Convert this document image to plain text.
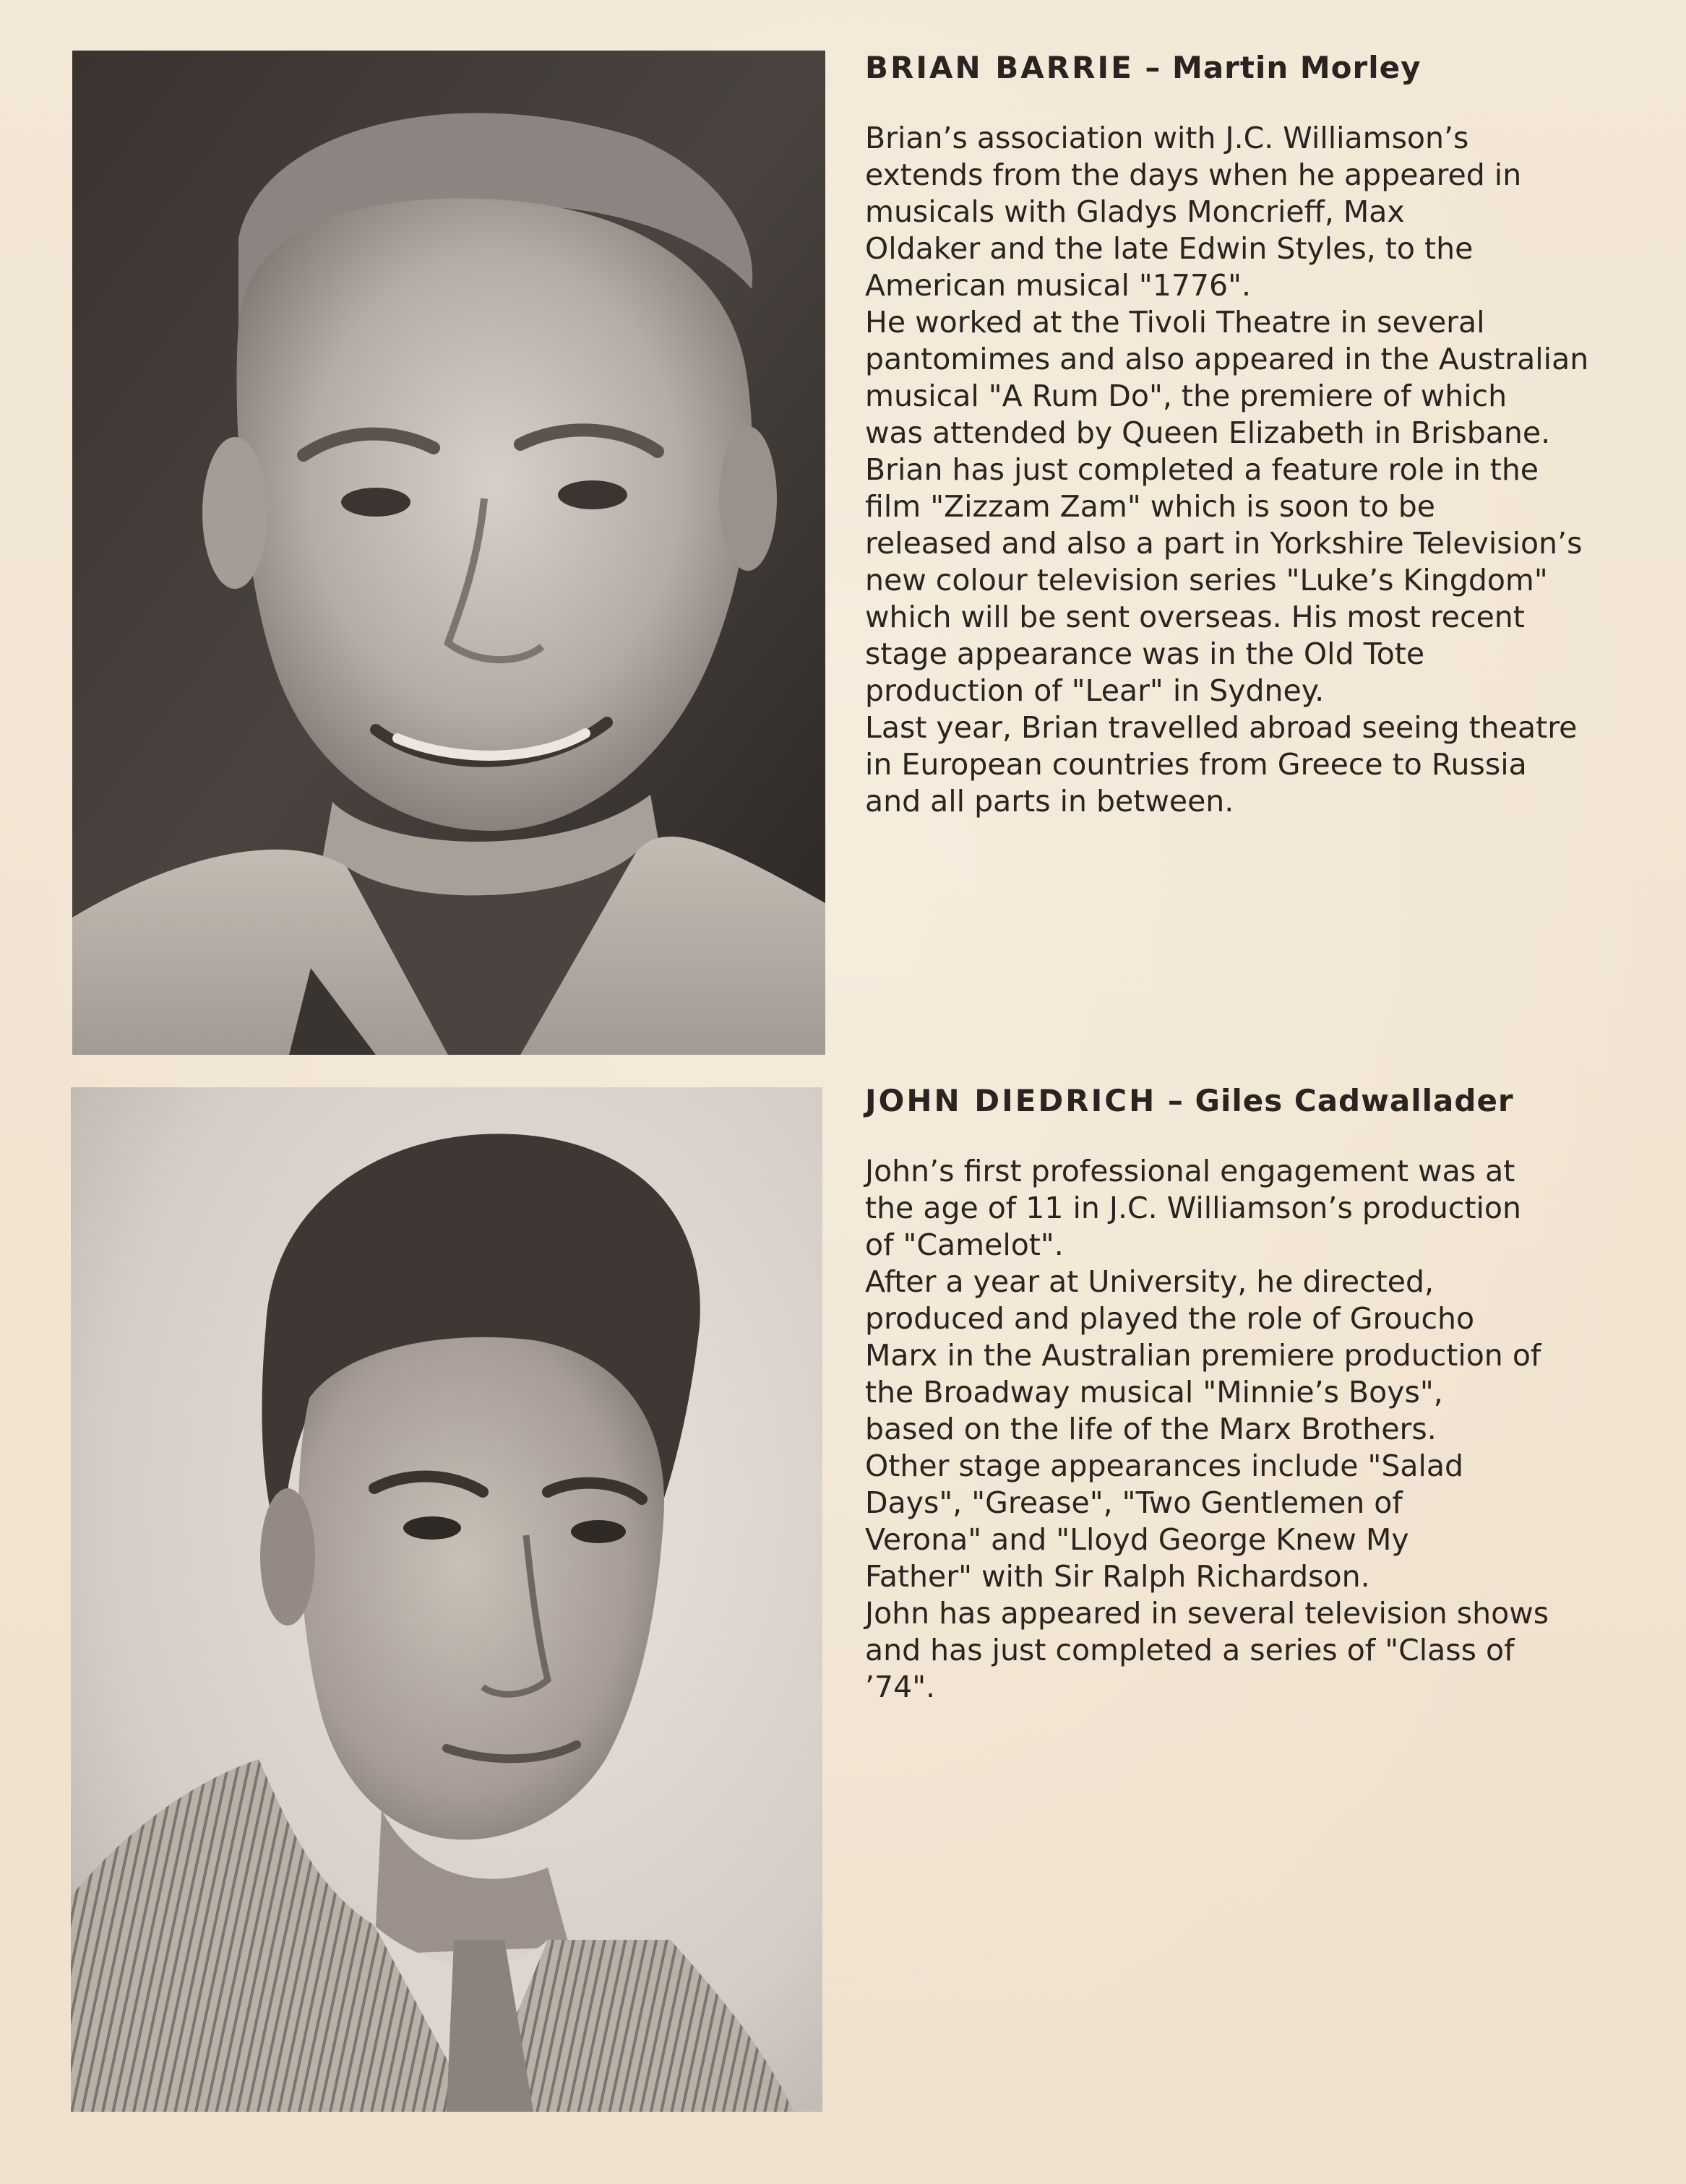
BRIAN BARRIE – Martin Morley

Brian’s association with J.C. Williamson’s

extends from the days when he appeared in

musicals with Gladys Moncrieff, Max

Oldaker and the late Edwin Styles, to the

American musical "1776".

He worked at the Tivoli Theatre in several

pantomimes and also appeared in the Australian

musical "A Rum Do", the premiere of which

was attended by Queen Elizabeth in Brisbane.

Brian has just completed a feature role in the

film "Zizzam Zam" which is soon to be

released and also a part in Yorkshire Television’s

new colour television series "Luke’s Kingdom"

which will be sent overseas. His most recent

stage appearance was in the Old Tote

production of "Lear" in Sydney.

Last year, Brian travelled abroad seeing theatre

in European countries from Greece to Russia

and all parts in between.

JOHN DIEDRICH – Giles Cadwallader

John’s first professional engagement was at

the age of 11 in J.C. Williamson’s production

of "Camelot".

After a year at University, he directed,

produced and played the role of Groucho

Marx in the Australian premiere production of

the Broadway musical "Minnie’s Boys",

based on the life of the Marx Brothers.

Other stage appearances include "Salad

Days", "Grease", "Two Gentlemen of

Verona" and "Lloyd George Knew My

Father" with Sir Ralph Richardson.

John has appeared in several television shows

and has just completed a series of "Class of

’74".
